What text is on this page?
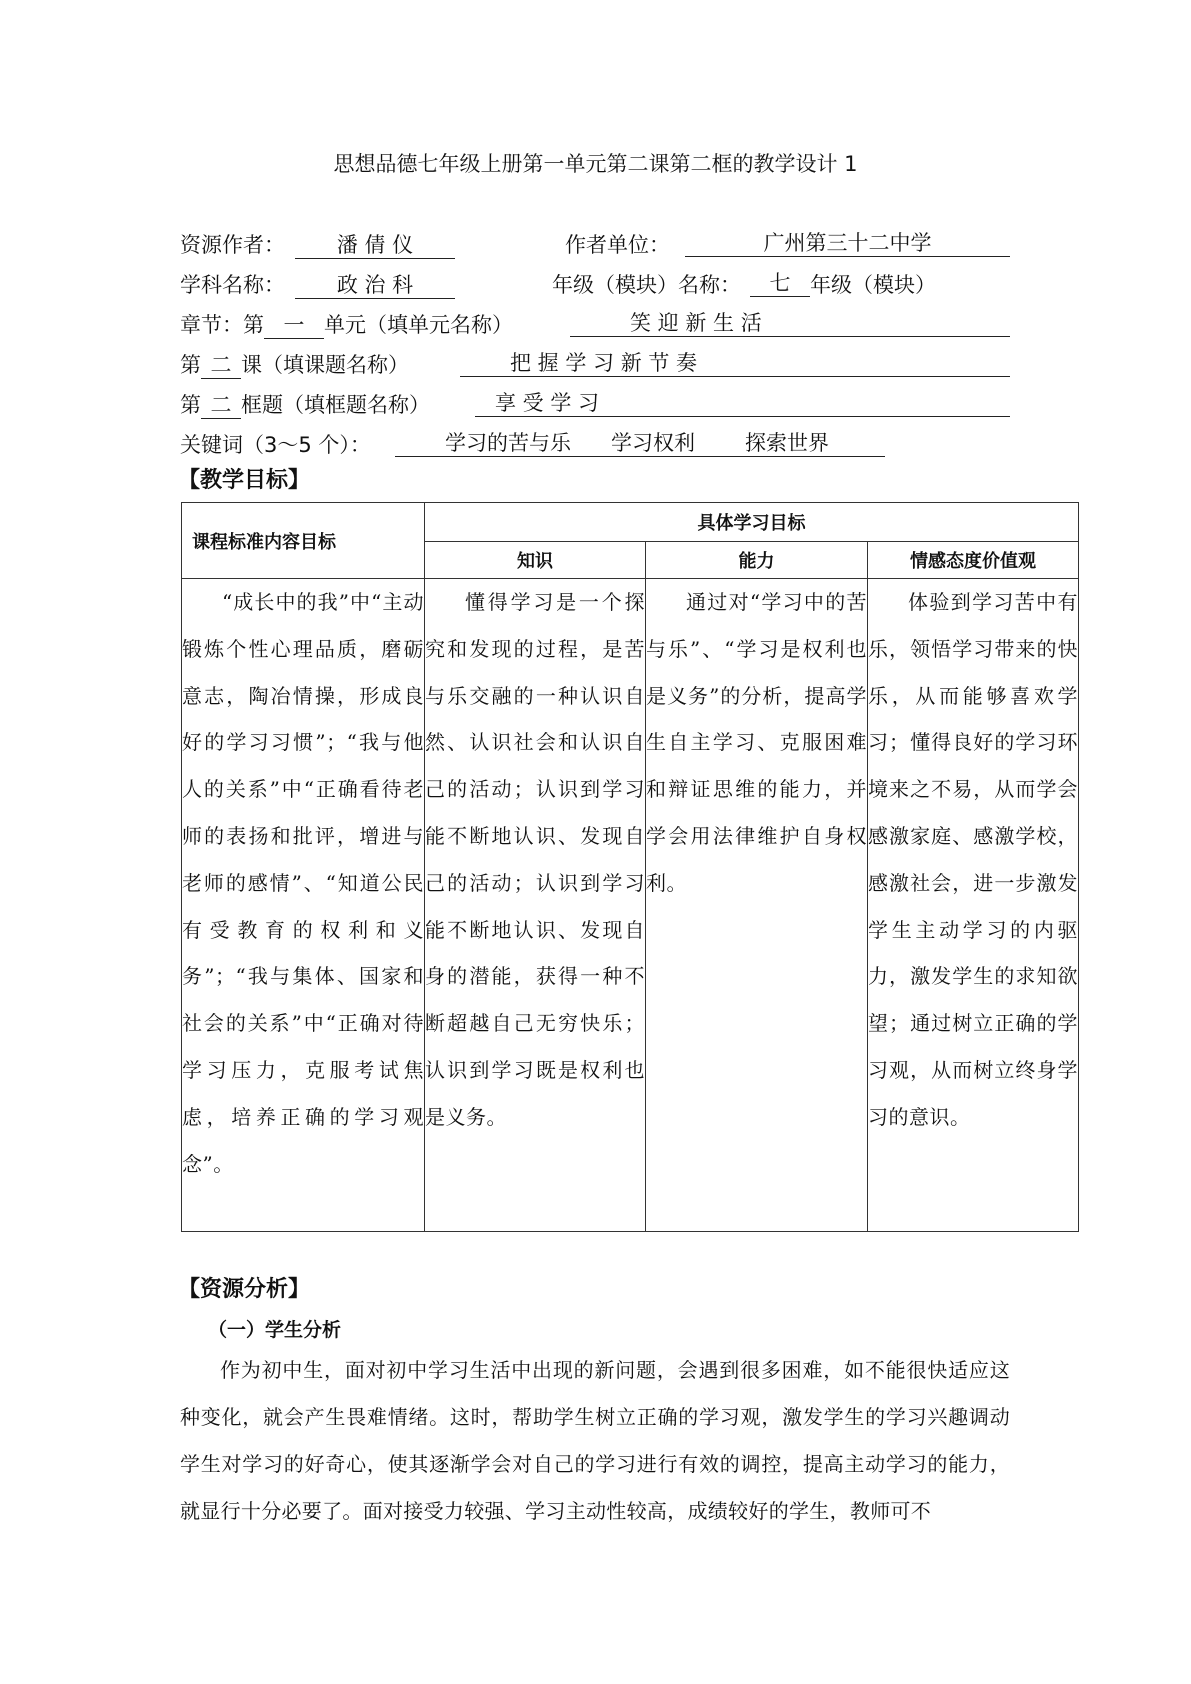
思想品德七年级上册第一单元第二课第二框的教学设计 1
资源作者： 潘 倩 仪	作者单位：	广州第三十二中学
学科名称： 政 治 科	年级（模块）名称：	七 年级（模块）
章节：第 一 单元（填单元名称）	笑 迎 新 生 活
第 二 课（填课题名称）	把 握 学 习 新 节 奏
第 二 框题（填框题名称）	享 受 学 习
关键词（3～5 个）：	学习的苦与乐 学习权利 探索世界
【教学目标】
课程标准内容目标	具体学习目标		
	知识	能力	情感态度价值观

“成长中的我”中“主动锻炼个性心理品质，磨砺意志，陶冶情操，形成良好的学习习惯”；“我与他人的关系”中“正确看待老师的表扬和批评，增进与老师的感情”、“知道公民有受教育的权利和义务”；“我与集体、国家和社会的关系”中“正确对待学习压力，克服考试焦虑，培养正确的学习观念”。	懂得学习是一个探究和发现的过程，是苦与乐交融的一种认识自然、认识社会和认识自己的活动；认识到学习能不断地认识、发现自己的活动；认识到学习能不断地认识、发现自身的潜能，获得一种不断超越自己无穷快乐；认识到学习既是权利也是义务。	通过对“学习中的苦与乐”、“学习是权利也是义务”的分析，提高学生自主学习、克服困难和辩证思维的能力，并学会用法律维护自身权利。	体验到学习苦中有乐，领悟学习带来的快乐，从而能够喜欢学习；懂得良好的学习环境来之不易，从而学会感激家庭、感激学校，感激社会，进一步激发学生主动学习的内驱力，激发学生的求知欲望；通过树立正确的学习观，从而树立终身学习的意识。
【资源分析】
（一）学生分析
作为初中生，面对初中学习生活中出现的新问题，会遇到很多困难，如不能很快适应这种变化，就会产生畏难情绪。这时，帮助学生树立正确的学习观，激发学生的学习兴趣调动学生对学习的好奇心，使其逐渐学会对自己的学习进行有效的调控，提高主动学习的能力，就显行十分必要了。面对接受力较强、学习主动性较高，成绩较好的学生，教师可不
